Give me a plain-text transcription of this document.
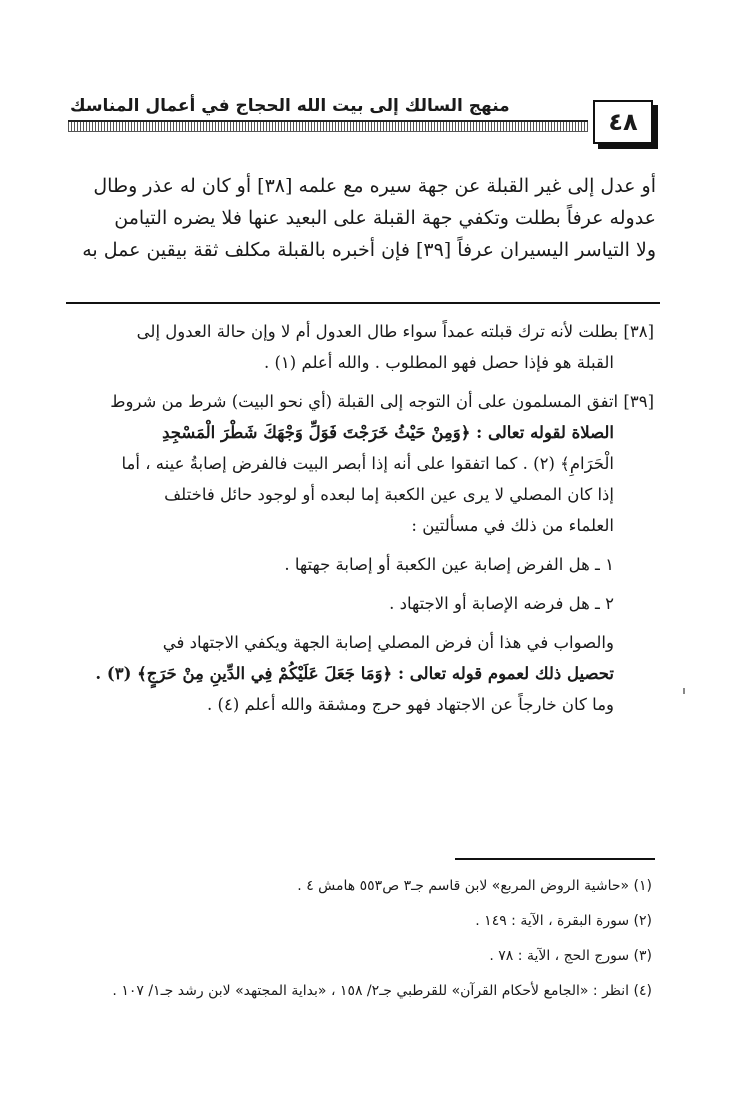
منهج السالك إلى بيت الله الحجاج في أعمال المناسك
٤٨
أو عدل إلى غير القبلة عن جهة سيره مع علمه [٣٨] أو كان له عذر وطال
عدوله عرفاً بطلت وتكفي جهة القبلة على البعيد عنها فلا يضره التيامن
ولا التياسر اليسيران عرفاً [٣٩] فإن أخبره بالقبلة مكلف ثقة بيقين عمل به

[٣٨] بطلت لأنه ترك قبلته عمداً سواء طال العدول أم لا وإن حالة العدول إلى
القبلة هو فإذا حصل فهو المطلوب . والله أعلم (١) .

[٣٩] اتفق المسلمون على أن التوجه إلى القبلة (أي نحو البيت) شرط من شروط
الصلاة لقوله تعالى : ﴿وَمِنْ حَيْثُ خَرَجْتَ فَوَلِّ وَجْهَكَ شَطْرَ الْمَسْجِدِ
الْحَرَامِ﴾ (٢) . كما اتفقوا على أنه إذا أبصر البيت فالفرض إصابةُ عينه ، أما
إذا كان المصلي لا يرى عين الكعبة إما لبعده أو لوجود حائل فاختلف
العلماء من ذلك في مسألتين :

١ ـ هل الفرض إصابة عين الكعبة أو إصابة جهتها .

٢ ـ هل فرضه الإصابة أو الاجتهاد .

والصواب في هذا أن فرض المصلي إصابة الجهة ويكفي الاجتهاد في
تحصيل ذلك لعموم قوله تعالى : ﴿وَمَا جَعَلَ عَلَيْكُمْ فِي الدِّينِ مِنْ حَرَجٍ﴾ (٣) .
وما كان خارجاً عن الاجتهاد فهو حرج ومشقة والله أعلم (٤) .

(١) «حاشية الروض المربع» لابن قاسم جـ٣ ص٥٥٣ هامش ٤ .
(٢) سورة البقرة ، الآية : ١٤٩ .
(٣) سورج الحج ، الآية : ٧٨ .
(٤) انظر : «الجامع لأحكام القرآن» للقرطبي جـ٢/ ١٥٨ ، «بداية المجتهد» لابن رشد جـ١/ ١٠٧ .
